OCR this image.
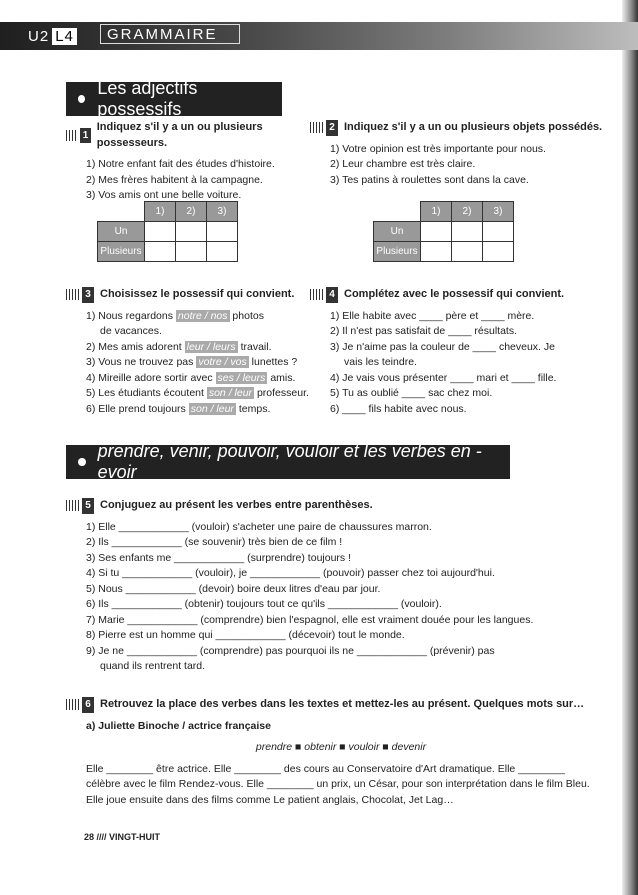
U2 L4	GRAMMAIRE
Les adjectifs possessifs
1
Indiquez s'il y a un ou plusieurs possesseurs.
1) Notre enfant fait des études d'histoire.
2) Mes frères habitent à la campagne.
3) Vos amis ont une belle voiture.
	1)	2)	3)
Un			
Plusieurs			
2 Indiquez s'il y a un ou plusieurs objets possédés.
1) Votre opinion est très importante pour nous.
2) Leur chambre est très claire.
3) Tes patins à roulettes sont dans la cave.
	1)	2)	3)
Un			
Plusieurs			
3 Choisissez le possessif qui convient.
1) Nous regardons notre / nos photos
de vacances.
2) Mes amis adorent leur / leurs travail.
3) Vous ne trouvez pas votre / vos lunettes ?
4) Mireille adore sortir avec ses / leurs amis.
5) Les étudiants écoutent son / leur professeur.
6) Elle prend toujours son / leur temps.
4 Complétez avec le possessif qui convient.
1) Elle habite avec ____ père et ____ mère.
2) Il n'est pas satisfait de ____ résultats.
3) Je n'aime pas la couleur de ____ cheveux. Je
vais les teindre.
4) Je vais vous présenter ____ mari et ____ fille.
5) Tu as oublié ____ sac chez moi.
6) ____ fils habite avec nous.
prendre, venir, pouvoir, vouloir et les verbes en -evoir
5 Conjuguez au présent les verbes entre parenthèses.
1) Elle ____________ (vouloir) s'acheter une paire de chaussures marron.
2) Ils ____________ (se souvenir) très bien de ce film !
3) Ses enfants me ____________ (surprendre) toujours !
4) Si tu ____________ (vouloir), je ____________ (pouvoir) passer chez toi aujourd'hui.
5) Nous ____________ (devoir) boire deux litres d'eau par jour.
6) Ils ____________ (obtenir) toujours tout ce qu'ils ____________ (vouloir).
7) Marie ____________ (comprendre) bien l'espagnol, elle est vraiment douée pour les langues.
8) Pierre est un homme qui ____________ (décevoir) tout le monde.
9) Je ne ____________ (comprendre) pas pourquoi ils ne ____________ (prévenir) pas
quand ils rentrent tard.
6 Retrouvez la place des verbes dans les textes et mettez-les au présent. Quelques mots sur…
a) Juliette Binoche / actrice française
prendre ■ obtenir ■ vouloir ■ devenir
Elle ________ être actrice. Elle ________ des cours au Conservatoire d'Art dramatique. Elle ________
célèbre avec le film Rendez-vous. Elle ________ un prix, un César, pour son interprétation dans le film Bleu.
Elle joue ensuite dans des films comme Le patient anglais, Chocolat, Jet Lag…
28 //// VINGT-HUIT
